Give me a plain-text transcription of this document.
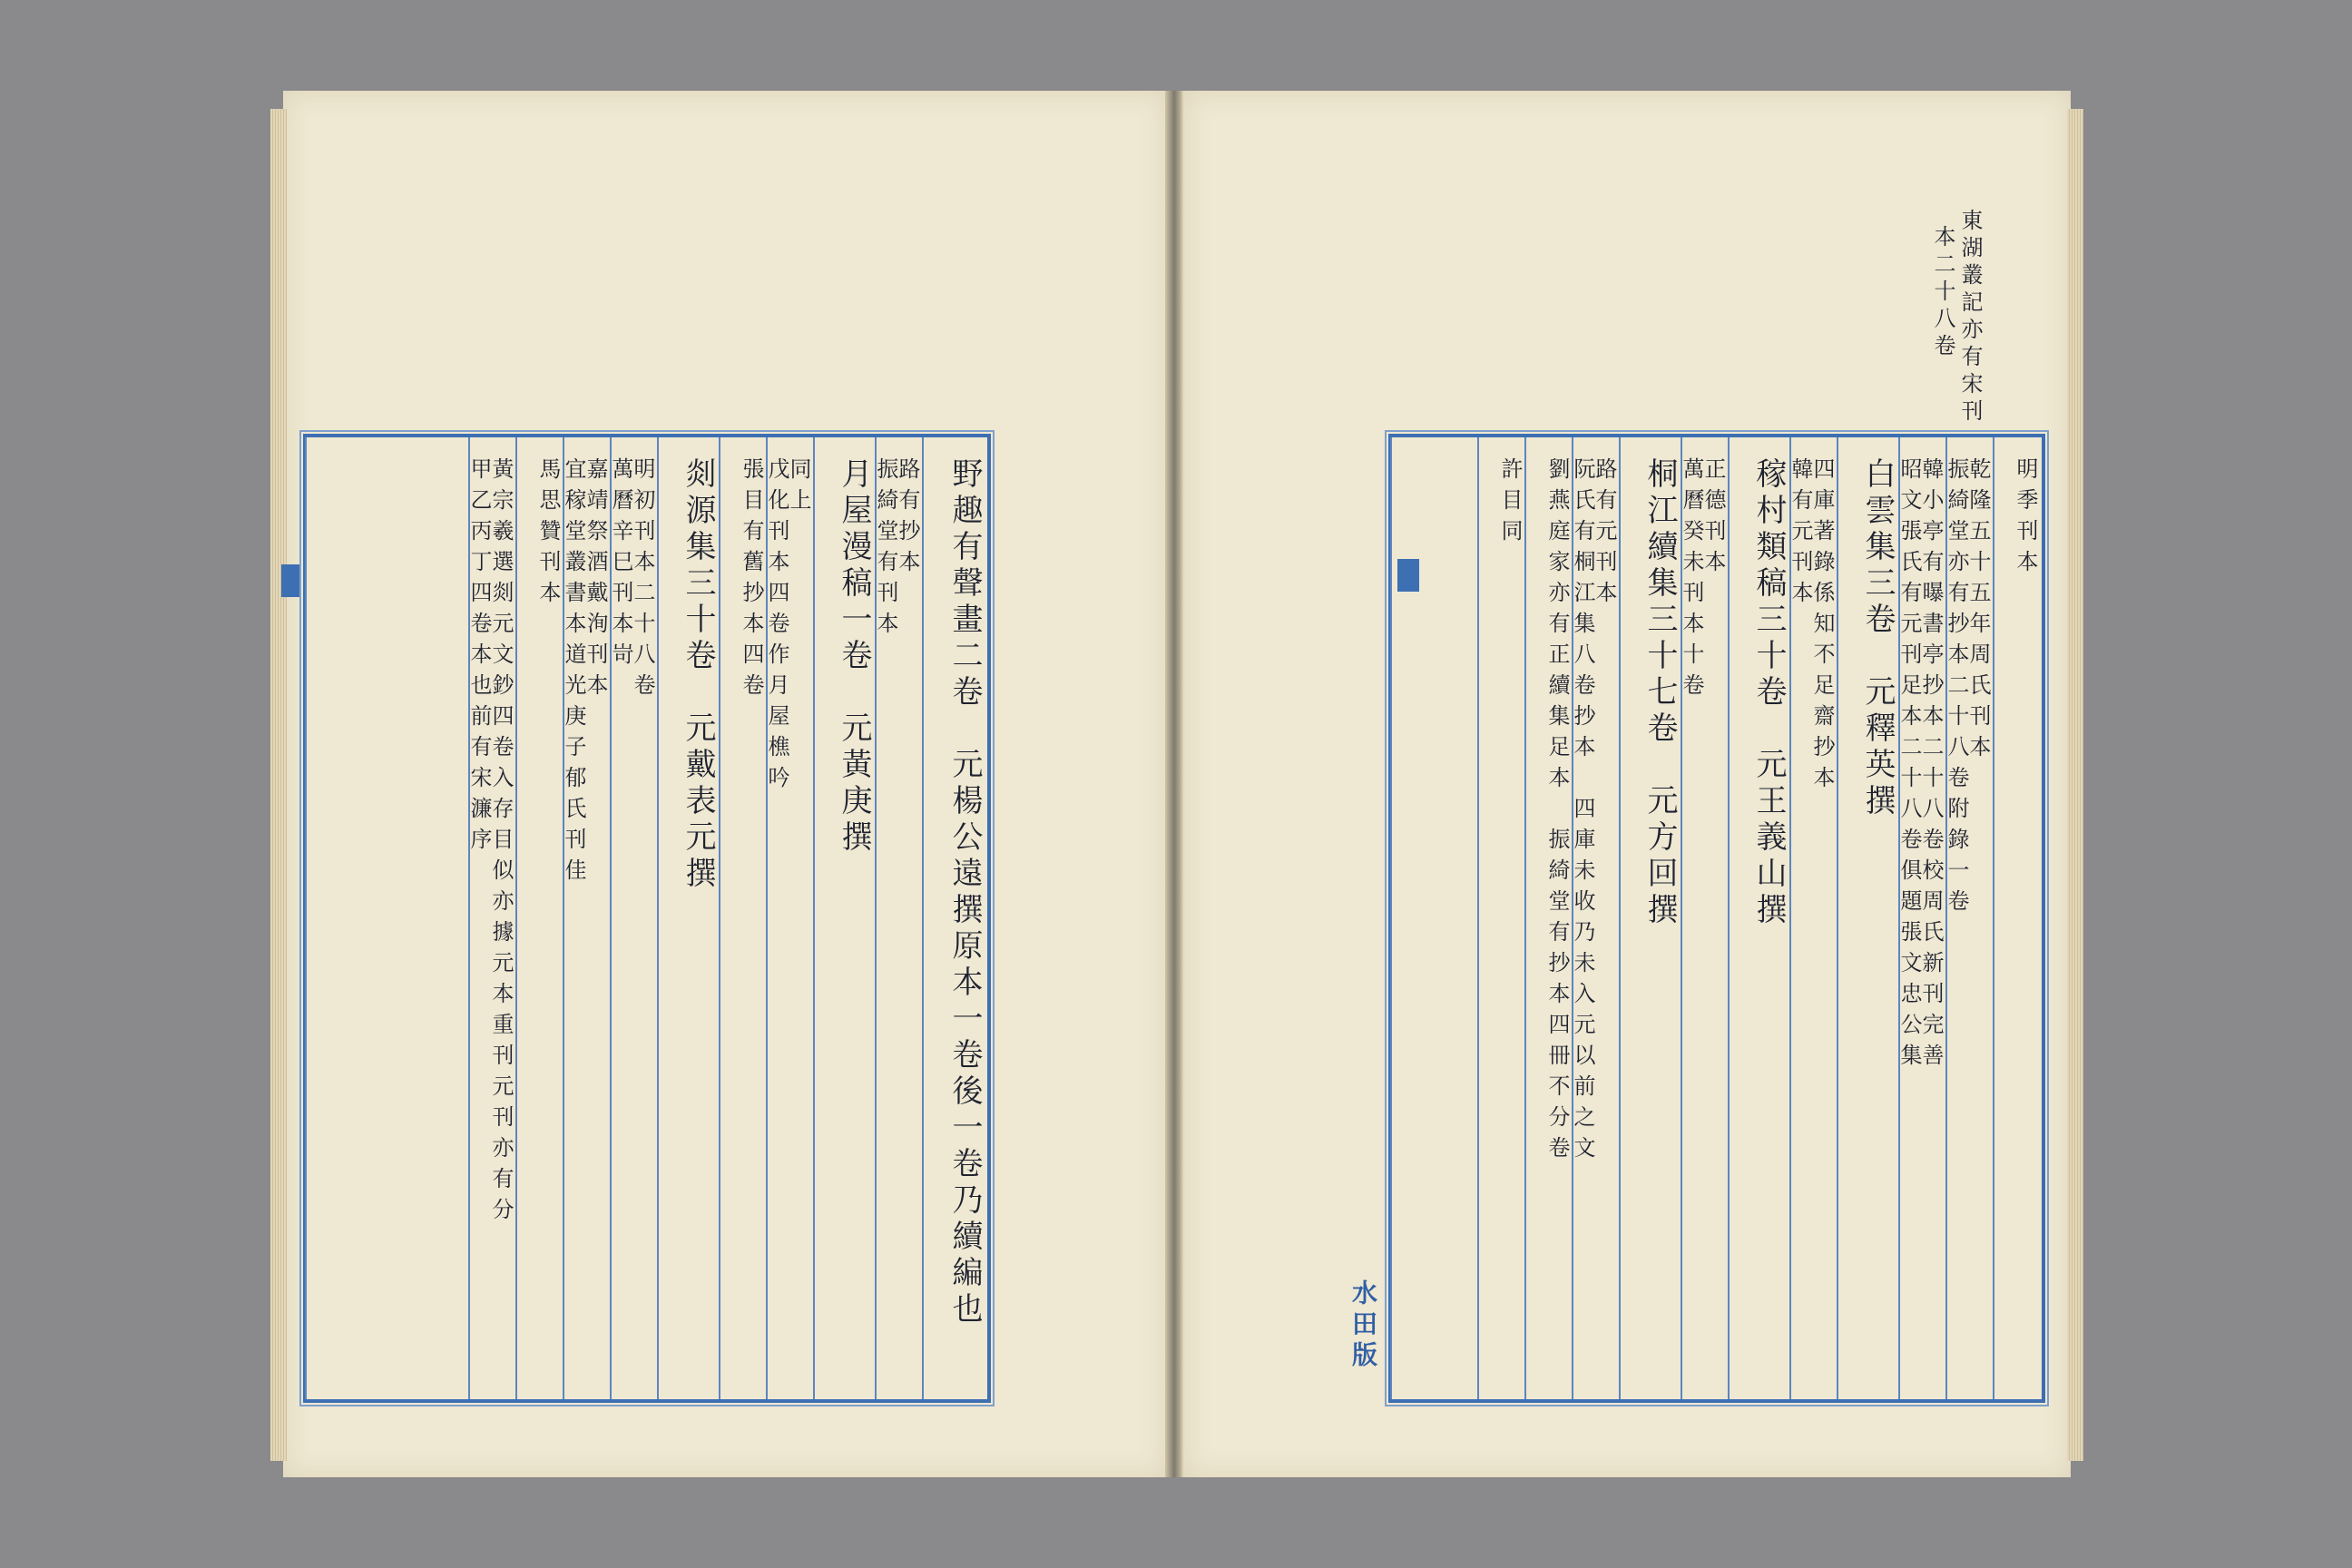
野趣有聲畫二卷　元楊公遠撰原本一卷後一卷乃續編也
振綺堂有刊本
路有抄本
月屋漫稿一卷　元黃庚撰
戊化刊本四卷作月屋樵吟
同上
張目有舊抄本四卷
剡源集三十卷　元戴表元撰
萬曆辛巳刊本岢
明初刊本二十八卷
宜稼堂叢書本道光庚子郁氏刊佳
嘉靖祭酒戴洵刊本
馬思贊刊本
甲乙丙丁四卷本也前有宋濂序
黃宗羲選剡元文鈔四卷入存目似亦據元本重刊元刊亦有分
東湖叢記亦有宋刊
本二十八卷
明季刊本
乾隆五十五年周氏刊本
振綺堂亦有抄本二十八卷附錄一卷
韓小亭有曝書亭抄本二十八卷校周氏新刊完善
昭文張氏有元刊足本二十八卷俱題張文忠公集
白雲集三卷　元釋英撰
四庫著錄係知不足齋抄本
韓有元刊本
稼村類稿三十卷　元王義山撰
正德刊本
萬曆癸未刊本十卷
桐江續集三十七卷　元方回撰
路有元刊本
阮氏有桐江集八卷抄本　四庫未收乃未入元以前之文
劉燕庭家亦有正續集足本　振綺堂有抄本四冊不分卷
許目同
水田版
